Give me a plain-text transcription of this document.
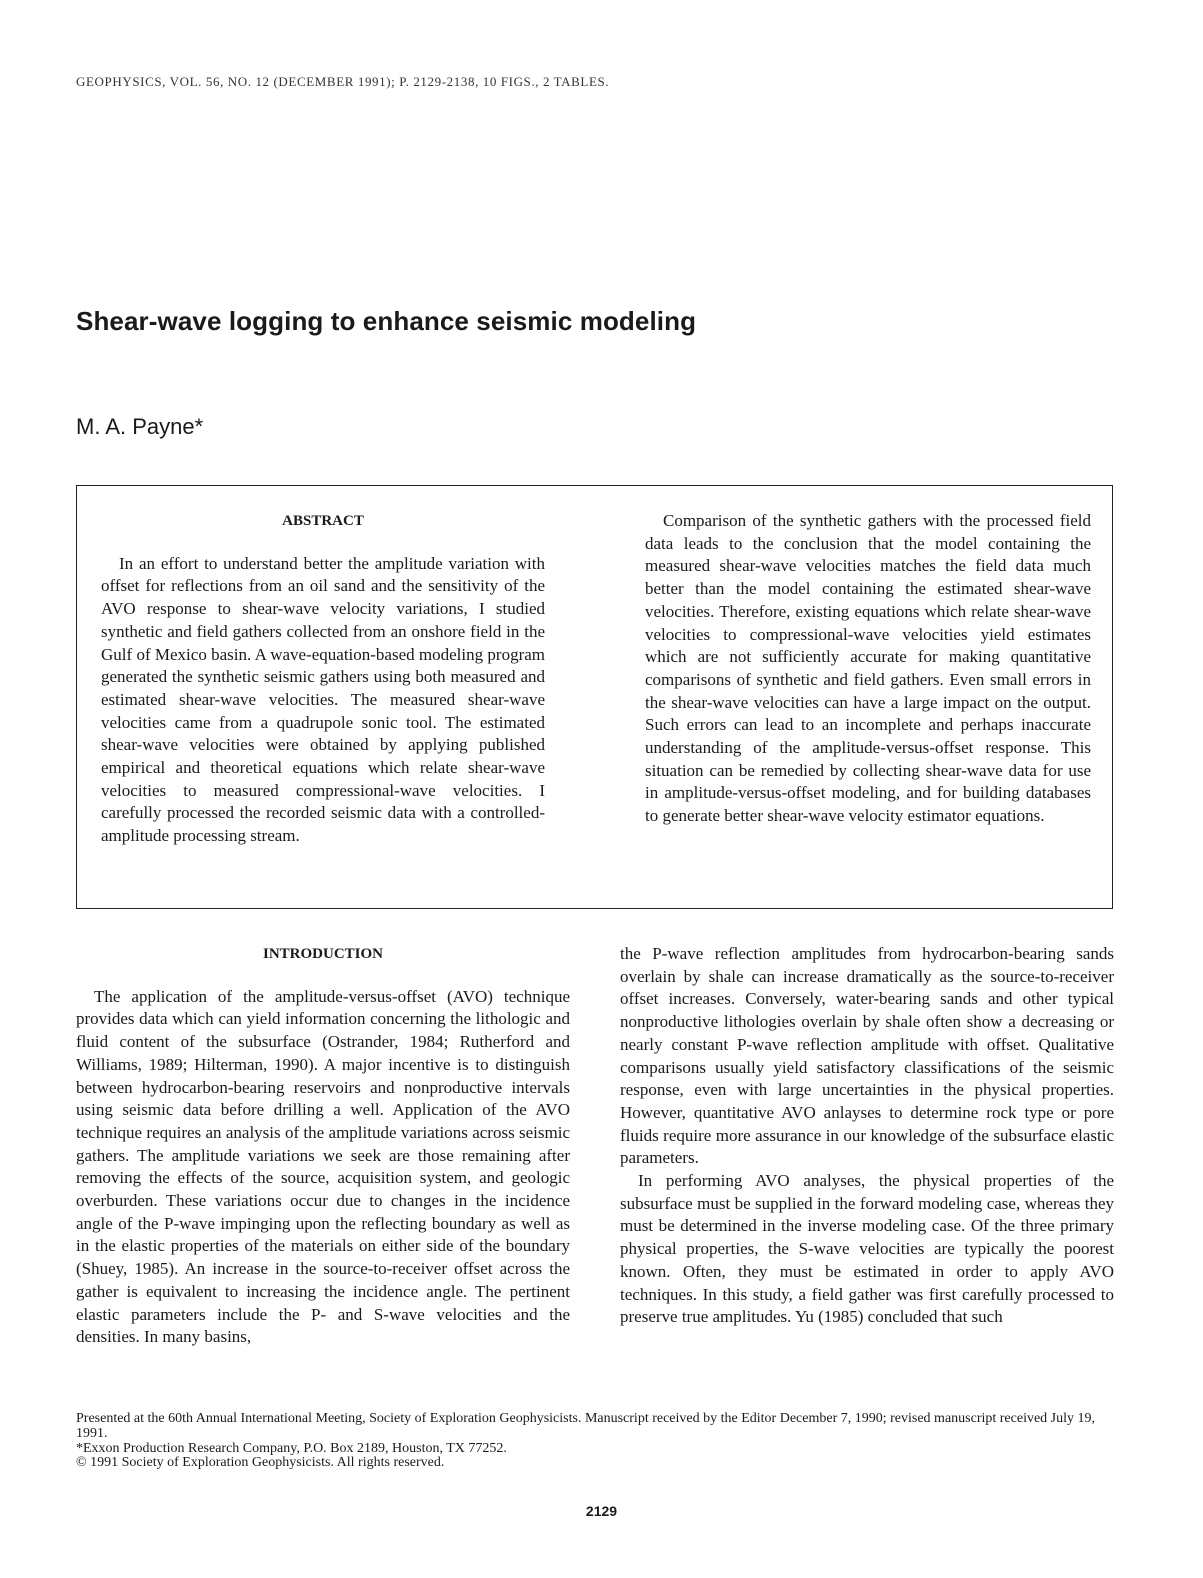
GEOPHYSICS, VOL. 56, NO. 12 (DECEMBER 1991); P. 2129-2138, 10 FIGS., 2 TABLES.
Shear-wave logging to enhance seismic modeling
M. A. Payne*
ABSTRACT

In an effort to understand better the amplitude variation with offset for reflections from an oil sand and the sensitivity of the AVO response to shear-wave velocity variations, I studied synthetic and field gathers collected from an onshore field in the Gulf of Mexico basin. A wave-equation-based modeling program generated the synthetic seismic gathers using both measured and estimated shear-wave velocities. The measured shear-wave velocities came from a quadrupole sonic tool. The estimated shear-wave velocities were obtained by applying published empirical and theoretical equations which relate shear-wave velocities to measured compressional-wave velocities. I carefully processed the recorded seismic data with a controlled-amplitude processing stream.

Comparison of the synthetic gathers with the processed field data leads to the conclusion that the model containing the measured shear-wave velocities matches the field data much better than the model containing the estimated shear-wave velocities. Therefore, existing equations which relate shear-wave velocities to compressional-wave velocities yield estimates which are not sufficiently accurate for making quantitative comparisons of synthetic and field gathers. Even small errors in the shear-wave velocities can have a large impact on the output. Such errors can lead to an incomplete and perhaps inaccurate understanding of the amplitude-versus-offset response. This situation can be remedied by collecting shear-wave data for use in amplitude-versus-offset modeling, and for building databases to generate better shear-wave velocity estimator equations.

INTRODUCTION

The application of the amplitude-versus-offset (AVO) technique provides data which can yield information concerning the lithologic and fluid content of the subsurface (Ostrander, 1984; Rutherford and Williams, 1989; Hilterman, 1990). A major incentive is to distinguish between hydrocarbon-bearing reservoirs and nonproductive intervals using seismic data before drilling a well. Application of the AVO technique requires an analysis of the amplitude variations across seismic gathers. The amplitude variations we seek are those remaining after removing the effects of the source, acquisition system, and geologic overburden. These variations occur due to changes in the incidence angle of the P-wave impinging upon the reflecting boundary as well as in the elastic properties of the materials on either side of the boundary (Shuey, 1985). An increase in the source-to-receiver offset across the gather is equivalent to increasing the incidence angle. The pertinent elastic parameters include the P- and S-wave velocities and the densities. In many basins,

the P-wave reflection amplitudes from hydrocarbon-bearing sands overlain by shale can increase dramatically as the source-to-receiver offset increases. Conversely, water-bearing sands and other typical nonproductive lithologies overlain by shale often show a decreasing or nearly constant P-wave reflection amplitude with offset. Qualitative comparisons usually yield satisfactory classifications of the seismic response, even with large uncertainties in the physical properties. However, quantitative AVO anlayses to determine rock type or pore fluids require more assurance in our knowledge of the subsurface elastic parameters.

In performing AVO analyses, the physical properties of the subsurface must be supplied in the forward modeling case, whereas they must be determined in the inverse modeling case. Of the three primary physical properties, the S-wave velocities are typically the poorest known. Often, they must be estimated in order to apply AVO techniques. In this study, a field gather was first carefully processed to preserve true amplitudes. Yu (1985) concluded that such

Presented at the 60th Annual International Meeting, Society of Exploration Geophysicists. Manuscript received by the Editor December 7, 1990; revised manuscript received July 19, 1991.
*Exxon Production Research Company, P.O. Box 2189, Houston, TX 77252.
© 1991 Society of Exploration Geophysicists. All rights reserved.
2129
